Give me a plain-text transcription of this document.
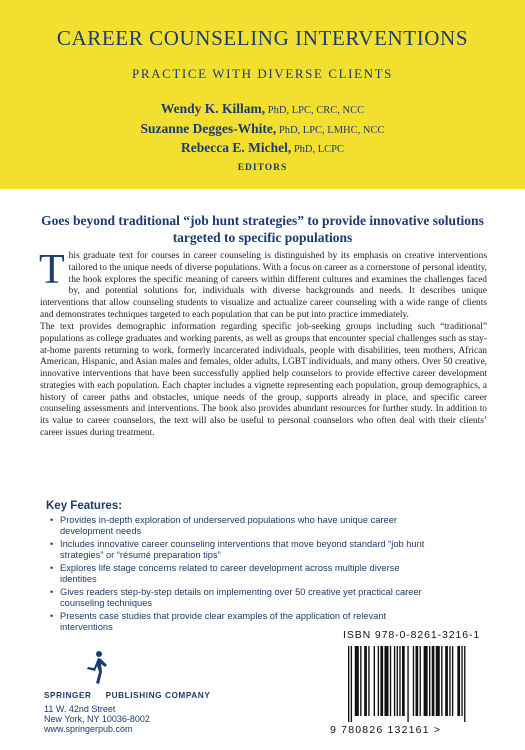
CAREER COUNSELING INTERVENTIONS
PRACTICE WITH DIVERSE CLIENTS
Wendy K. Killam, PhD, LPC, CRC, NCC
Suzanne Degges-White, PhD, LPC, LMHC, NCC
Rebecca E. Michel, PhD, LCPC
EDITORS
Goes beyond traditional “job hunt strategies” to provide innovative solutions targeted to specific populations
This graduate text for courses in career counseling is distinguished by its emphasis on creative interventions tailored to the unique needs of diverse populations. With a focus on career as a cornerstone of personal identity, the book explores the specific meaning of careers within different cultures and examines the challenges faced by, and potential solutions for, individuals with diverse backgrounds and needs. It describes unique interventions that allow counseling students to visualize and actualize career counseling with a wide range of clients and demonstrates techniques targeted to each population that can be put into practice immediately.
The text provides demographic information regarding specific job-seeking groups including such “traditional” populations as college graduates and working parents, as well as groups that encounter special challenges such as stay-at-home parents returning to work, formerly incarcerated individuals, people with disabilities, teen mothers, African American, Hispanic, and Asian males and females, older adults, LGBT individuals, and many others. Over 50 creative, innovative interventions that have been successfully applied help counselors to provide effective career development strategies with each population. Each chapter includes a vignette representing each population, group demographics, a history of career paths and obstacles, unique needs of the group, supports already in place, and specific career counseling assessments and interventions. The book also provides abundant resources for further study. In addition to its value to career counselors, the text will also be useful to personal counselors who often deal with their clients’ career issues during treatment.
Key Features:
• Provides in-depth exploration of underserved populations who have unique career development needs
• Includes innovative career counseling interventions that move beyond standard “job hunt strategies” or “résumé preparation tips”
• Explores life stage concerns related to career development across multiple diverse identities
• Gives readers step-by-step details on implementing over 50 creative yet practical career counseling techniques
• Presents case studies that provide clear examples of the application of relevant interventions
SPRINGER PUBLISHING COMPANY
11 W. 42nd Street
New York, NY 10036-8002
www.springerpub.com
ISBN 978-0-8261-3216-1
9 780826 132161 >
